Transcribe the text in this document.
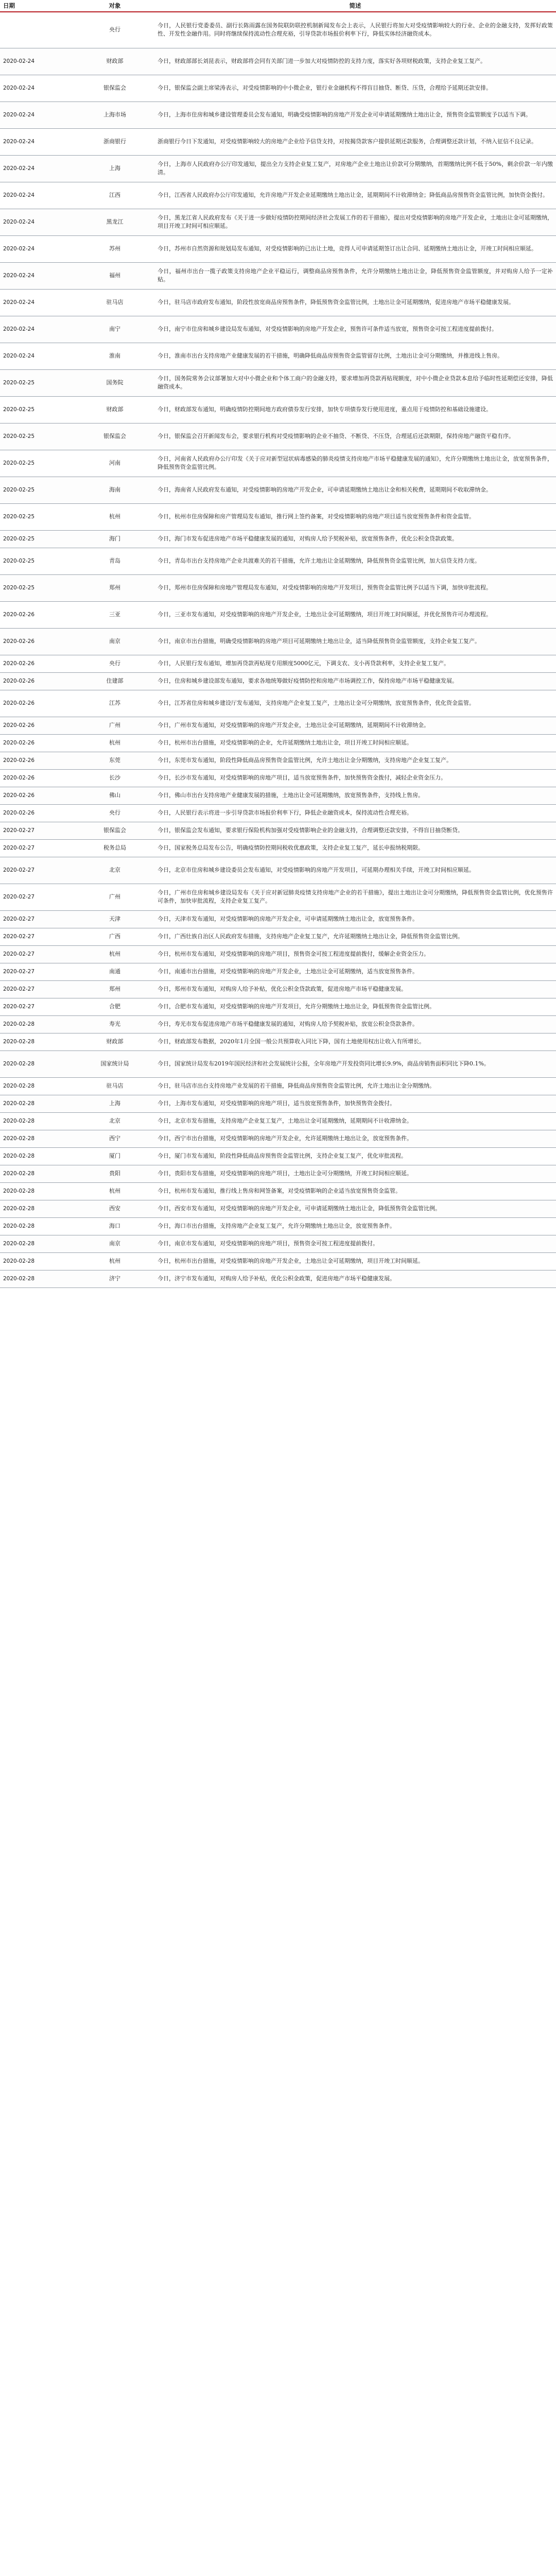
日期	对象	简述
	央行	今日，人民银行党委委员、副行长陈雨露在国务院联防联控机制新闻发布会上表示，人民银行将加大对受疫情影响较大的行业、企业的金融支持，发挥好政策性、开发性金融作用。同时将继续保持流动性合理充裕，引导贷款市场报价利率下行，降低实体经济融资成本。
2020-02-24	财政部	今日，财政部部长刘昆表示，财政部将会同有关部门进一步加大对疫情防控的支持力度，落实好各项财税政策，支持企业复工复产。
2020-02-24	银保监会	今日，银保监会副主席梁涛表示，对受疫情影响的中小微企业，银行业金融机构不得盲目抽贷、断贷、压贷，合理给予延期还款安排。
2020-02-24	上海市场	今日，上海市住房和城乡建设管理委员会发布通知，明确受疫情影响的房地产开发企业可申请延期缴纳土地出让金，预售资金监管额度予以适当下调。
2020-02-24	浙商银行	浙商银行今日下发通知，对受疫情影响较大的房地产企业给予信贷支持，对按揭贷款客户提供延期还款服务，合理调整还款计划，不纳入征信不良记录。
2020-02-24	上海	今日，上海市人民政府办公厅印发通知，提出全力支持企业复工复产，对房地产企业土地出让价款可分期缴纳，首期缴纳比例不低于50%，剩余价款一年内缴清。
2020-02-24	江西	今日，江西省人民政府办公厅印发通知，允许房地产开发企业延期缴纳土地出让金，延期期间不计收滞纳金；降低商品房预售资金监管比例，加快资金拨付。
2020-02-24	黑龙江	今日，黑龙江省人民政府发布《关于进一步做好疫情防控期间经济社会发展工作的若干措施》，提出对受疫情影响的房地产开发企业，土地出让金可延期缴纳，项目开竣工时间可相应顺延。
2020-02-24	苏州	今日，苏州市自然资源和规划局发布通知，对受疫情影响的已出让土地，竞得人可申请延期签订出让合同、延期缴纳土地出让金，开竣工时间相应顺延。
2020-02-24	福州	今日，福州市出台一揽子政策支持房地产企业平稳运行，调整商品房预售条件，允许分期缴纳土地出让金，降低预售资金监管额度，并对购房人给予一定补贴。
2020-02-24	驻马店	今日，驻马店市政府发布通知，阶段性放宽商品房预售条件，降低预售资金监管比例，土地出让金可延期缴纳，促进房地产市场平稳健康发展。
2020-02-24	南宁	今日，南宁市住房和城乡建设局发布通知，对受疫情影响的房地产开发企业，预售许可条件适当放宽，预售资金可按工程进度提前拨付。
2020-02-24	淮南	今日，淮南市出台支持房地产业健康发展的若干措施，明确降低商品房预售资金监管留存比例，土地出让金可分期缴纳，并推进线上售房。
2020-02-25	国务院	今日，国务院常务会议部署加大对中小微企业和个体工商户的金融支持，要求增加再贷款再贴现额度，对中小微企业贷款本息给予临时性延期偿还安排，降低融资成本。
2020-02-25	财政部	今日，财政部发布通知，明确疫情防控期间地方政府债券发行安排，加快专项债券发行使用进度，重点用于疫情防控和基础设施建设。
2020-02-25	银保监会	今日，银保监会召开新闻发布会，要求银行机构对受疫情影响的企业不抽贷、不断贷、不压贷，合理延后还款期限，保持房地产融资平稳有序。
2020-02-25	河南	今日，河南省人民政府办公厅印发《关于应对新型冠状病毒感染的肺炎疫情支持房地产市场平稳健康发展的通知》，允许分期缴纳土地出让金，放宽预售条件，降低预售资金监管比例。
2020-02-25	海南	今日，海南省人民政府发布通知，对受疫情影响的房地产开发企业，可申请延期缴纳土地出让金和相关税费，延期期间不收取滞纳金。
2020-02-25	杭州	今日，杭州市住房保障和房产管理局发布通知，推行网上签约备案，对受疫情影响的房地产项目适当放宽预售条件和资金监管。
2020-02-25	海门	今日，海门市发布促进房地产市场平稳健康发展的通知，对购房人给予契税补贴，放宽预售条件，优化公积金贷款政策。
2020-02-25	青岛	今日，青岛市出台支持房地产企业共渡难关的若干措施，允许土地出让金延期缴纳，降低预售资金监管比例，加大信贷支持力度。
2020-02-25	郑州	今日，郑州市住房保障和房地产管理局发布通知，对受疫情影响的房地产开发项目，预售资金监管比例予以适当下调，加快审批流程。
2020-02-26	三亚	今日，三亚市发布通知，对受疫情影响的房地产开发企业，土地出让金可延期缴纳，项目开竣工时间顺延，并优化预售许可办理流程。
2020-02-26	南京	今日，南京市出台措施，明确受疫情影响的房地产项目可延期缴纳土地出让金，适当降低预售资金监管额度，支持企业复工复产。
2020-02-26	央行	今日，人民银行发布通知，增加再贷款再贴现专用额度5000亿元，下调支农、支小再贷款利率，支持企业复工复产。
2020-02-26	住建部	今日，住房和城乡建设部发布通知，要求各地统筹做好疫情防控和房地产市场调控工作，保持房地产市场平稳健康发展。
2020-02-26	江苏	今日，江苏省住房和城乡建设厅发布通知，支持房地产企业复工复产，土地出让金可分期缴纳，放宽预售条件，优化资金监管。
2020-02-26	广州	今日，广州市发布通知，对受疫情影响的房地产开发企业，土地出让金可延期缴纳，延期期间不计收滞纳金。
2020-02-26	杭州	今日，杭州市出台措施，对受疫情影响的企业，允许延期缴纳土地出让金，项目开竣工时间相应顺延。
2020-02-26	东莞	今日，东莞市发布通知，阶段性降低商品房预售资金监管比例，允许土地出让金分期缴纳，支持房地产企业复工复产。
2020-02-26	长沙	今日，长沙市发布通知，对受疫情影响的房地产项目，适当放宽预售条件，加快预售资金拨付，减轻企业资金压力。
2020-02-26	佛山	今日，佛山市出台支持房地产业健康发展的措施，土地出让金可延期缴纳，放宽预售条件，支持线上售房。
2020-02-26	央行	今日，人民银行表示将进一步引导贷款市场报价利率下行，降低企业融资成本，保持流动性合理充裕。
2020-02-27	银保监会	今日，银保监会发布通知，要求银行保险机构加强对受疫情影响企业的金融支持，合理调整还款安排，不得盲目抽贷断贷。
2020-02-27	税务总局	今日，国家税务总局发布公告，明确疫情防控期间税收优惠政策，支持企业复工复产，延长申报纳税期限。
2020-02-27	北京	今日，北京市住房和城乡建设委员会发布通知，对受疫情影响的房地产开发项目，可延期办理相关手续，开竣工时间相应顺延。
2020-02-27	广州	今日，广州市住房和城乡建设局发布《关于应对新冠肺炎疫情支持房地产企业的若干措施》，提出土地出让金可分期缴纳，降低预售资金监管比例，优化预售许可条件，加快审批流程，支持企业复工复产。
2020-02-27	天津	今日，天津市发布通知，对受疫情影响的房地产开发企业，可申请延期缴纳土地出让金，放宽预售条件。
2020-02-27	广西	今日，广西壮族自治区人民政府发布措施，支持房地产企业复工复产，允许延期缴纳土地出让金，降低预售资金监管比例。
2020-02-27	杭州	今日，杭州市发布通知，对受疫情影响的房地产项目，预售资金可按工程进度提前拨付，缓解企业资金压力。
2020-02-27	南通	今日，南通市出台措施，对受疫情影响的房地产开发企业，土地出让金可延期缴纳，适当放宽预售条件。
2020-02-27	郑州	今日，郑州市发布通知，对购房人给予补贴，优化公积金贷款政策，促进房地产市场平稳健康发展。
2020-02-27	合肥	今日，合肥市发布通知，对受疫情影响的房地产开发项目，允许分期缴纳土地出让金，降低预售资金监管比例。
2020-02-28	寿光	今日，寿光市发布促进房地产市场平稳健康发展的通知，对购房人给予契税补贴，放宽公积金贷款条件。
2020-02-28	财政部	今日，财政部发布数据，2020年1月全国一般公共预算收入同比下降，国有土地使用权出让收入有所增长。
2020-02-28	国家统计局	今日，国家统计局发布2019年国民经济和社会发展统计公报，全年房地产开发投资同比增长9.9%，商品房销售面积同比下降0.1%。
2020-02-28	驻马店	今日，驻马店市出台支持房地产业发展的若干措施，降低商品房预售资金监管比例，允许土地出让金分期缴纳。
2020-02-28	上海	今日，上海市发布通知，对受疫情影响的房地产项目，适当放宽预售条件，加快预售资金拨付。
2020-02-28	北京	今日，北京市发布措施，支持房地产企业复工复产，土地出让金可延期缴纳，延期期间不计收滞纳金。
2020-02-28	西宁	今日，西宁市出台措施，对受疫情影响的房地产开发企业，允许延期缴纳土地出让金，放宽预售条件。
2020-02-28	厦门	今日，厦门市发布通知，阶段性降低商品房预售资金监管比例，支持企业复工复产，优化审批流程。
2020-02-28	贵阳	今日，贵阳市发布措施，对受疫情影响的房地产项目，土地出让金可分期缴纳，开竣工时间相应顺延。
2020-02-28	杭州	今日，杭州市发布通知，推行线上售房和网签备案，对受疫情影响的企业适当放宽预售资金监管。
2020-02-28	西安	今日，西安市发布通知，对受疫情影响的房地产开发企业，可申请延期缴纳土地出让金，降低预售资金监管比例。
2020-02-28	海口	今日，海口市出台措施，支持房地产企业复工复产，允许分期缴纳土地出让金，放宽预售条件。
2020-02-28	南京	今日，南京市发布通知，对受疫情影响的房地产项目，预售资金可按工程进度提前拨付。
2020-02-28	杭州	今日，杭州市出台措施，对受疫情影响的房地产开发企业，土地出让金可延期缴纳，项目开竣工时间顺延。
2020-02-28	济宁	今日，济宁市发布通知，对购房人给予补贴，优化公积金政策，促进房地产市场平稳健康发展。
